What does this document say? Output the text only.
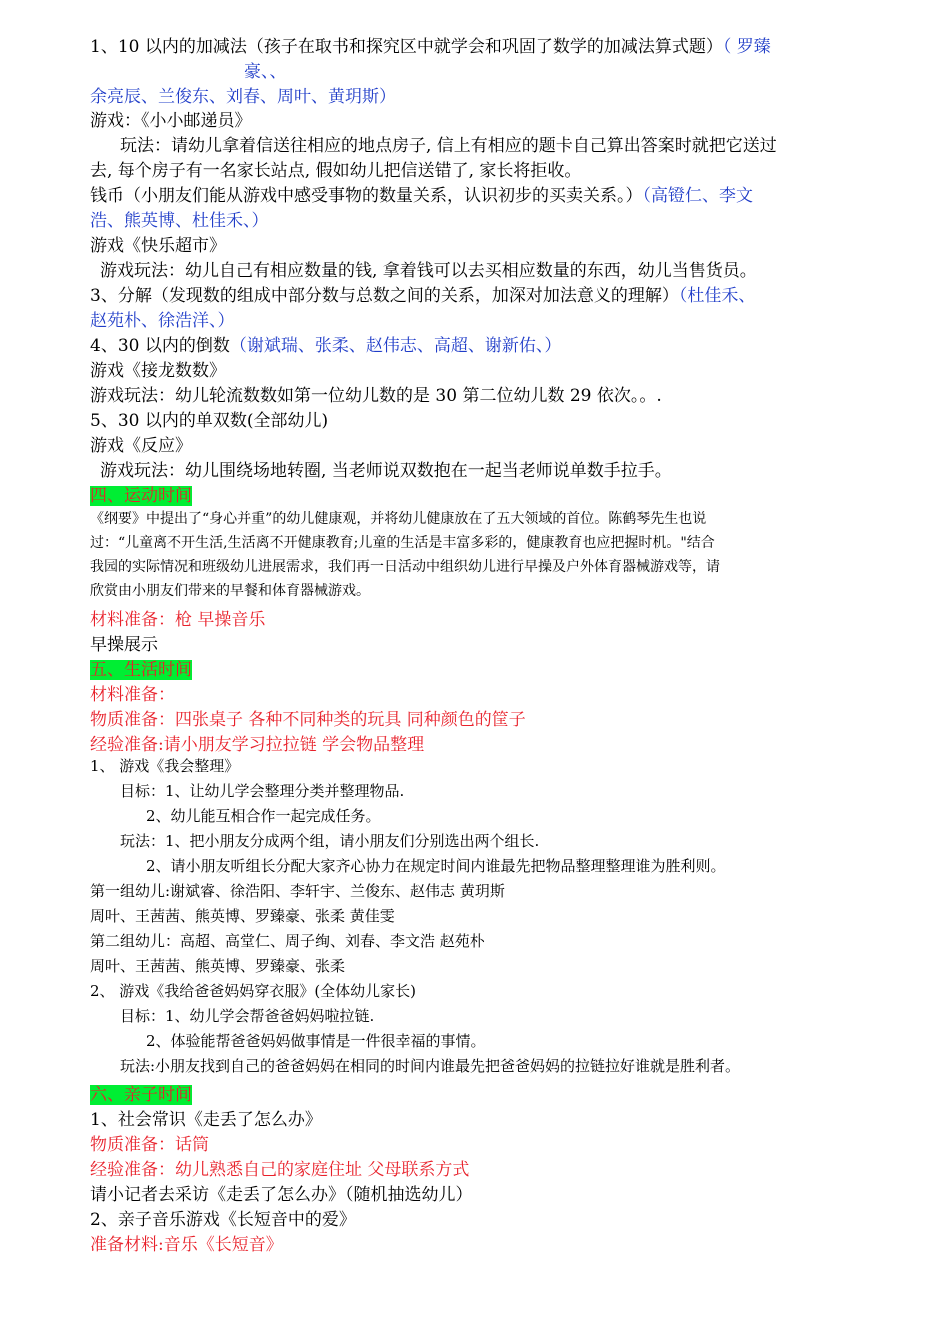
1、10 以内的加减法（孩子在取书和探究区中就学会和巩固了数学的加减法算式题）（ 罗臻
豪、、
余亮辰、兰俊东、刘春、周叶、黄玥斯）
游戏：《小小邮递员》
玩法：请幼儿拿着信送往相应的地点房子, 信上有相应的题卡自己算出答案时就把它送过
去, 每个房子有一名家长站点, 假如幼儿把信送错了, 家长将拒收。
钱币（小朋友们能从游戏中感受事物的数量关系，认识初步的买卖关系。）（高镫仁、李文
浩、熊英博、杜佳禾、）
游戏《快乐超市》
游戏玩法：幼儿自己有相应数量的钱, 拿着钱可以去买相应数量的东西，幼儿当售货员。
3、分解（发现数的组成中部分数与总数之间的关系，加深对加法意义的理解）（杜佳禾、
赵苑朴、徐浩洋、）
4、30 以内的倒数（谢斌瑞、张柔、赵伟志、高超、谢新佑、）
游戏《接龙数数》
游戏玩法：幼儿轮流数数如第一位幼儿数的是 30 第二位幼儿数 29 依次。。.
5、30 以内的单双数(全部幼儿)
游戏《反应》
游戏玩法：幼儿围绕场地转圈, 当老师说双数抱在一起当老师说单数手拉手。
四、运动时间
《纲要》中提出了“身心并重”的幼儿健康观，并将幼儿健康放在了五大领域的首位。陈鹤琴先生也说
过：“儿童离不开生活,生活离不开健康教育;儿童的生活是丰富多彩的，健康教育也应把握时机。"结合
我园的实际情况和班级幼儿进展需求，我们再一日活动中组织幼儿进行早操及户外体育器械游戏等，请
欣赏由小朋友们带来的早餐和体育器械游戏。
材料准备：枪 早操音乐
早操展示
五、生活时间
材料准备：
物质准备：四张桌子 各种不同种类的玩具 同种颜色的筐子
经验准备:请小朋友学习拉拉链 学会物品整理
1、 游戏《我会整理》
目标：1、让幼儿学会整理分类并整理物品.
2、幼儿能互相合作一起完成任务。
玩法：1、把小朋友分成两个组，请小朋友们分别选出两个组长.
2、请小朋友听组长分配大家齐心协力在规定时间内谁最先把物品整理整理谁为胜利则。
第一组幼儿:谢斌睿、徐浩阳、李轩宇、兰俊东、赵伟志 黄玥斯
周叶、王茜茜、熊英博、罗臻豪、张柔 黄佳雯
第二组幼儿：高超、高堂仁、周子绚、刘春、李文浩 赵苑朴
周叶、王茜茜、熊英博、罗臻豪、张柔
2、 游戏《我给爸爸妈妈穿衣服》(全体幼儿家长)
目标：1、幼儿学会帮爸爸妈妈啦拉链.
2、体验能帮爸爸妈妈做事情是一件很幸福的事情。
玩法:小朋友找到自己的爸爸妈妈在相同的时间内谁最先把爸爸妈妈的拉链拉好谁就是胜利者。
六、亲子时间
1、社会常识《走丢了怎么办》
物质准备：话筒
经验准备：幼儿熟悉自己的家庭住址 父母联系方式
请小记者去采访《走丢了怎么办》（随机抽选幼儿）
2、亲子音乐游戏《长短音中的爱》
准备材料:音乐《长短音》
